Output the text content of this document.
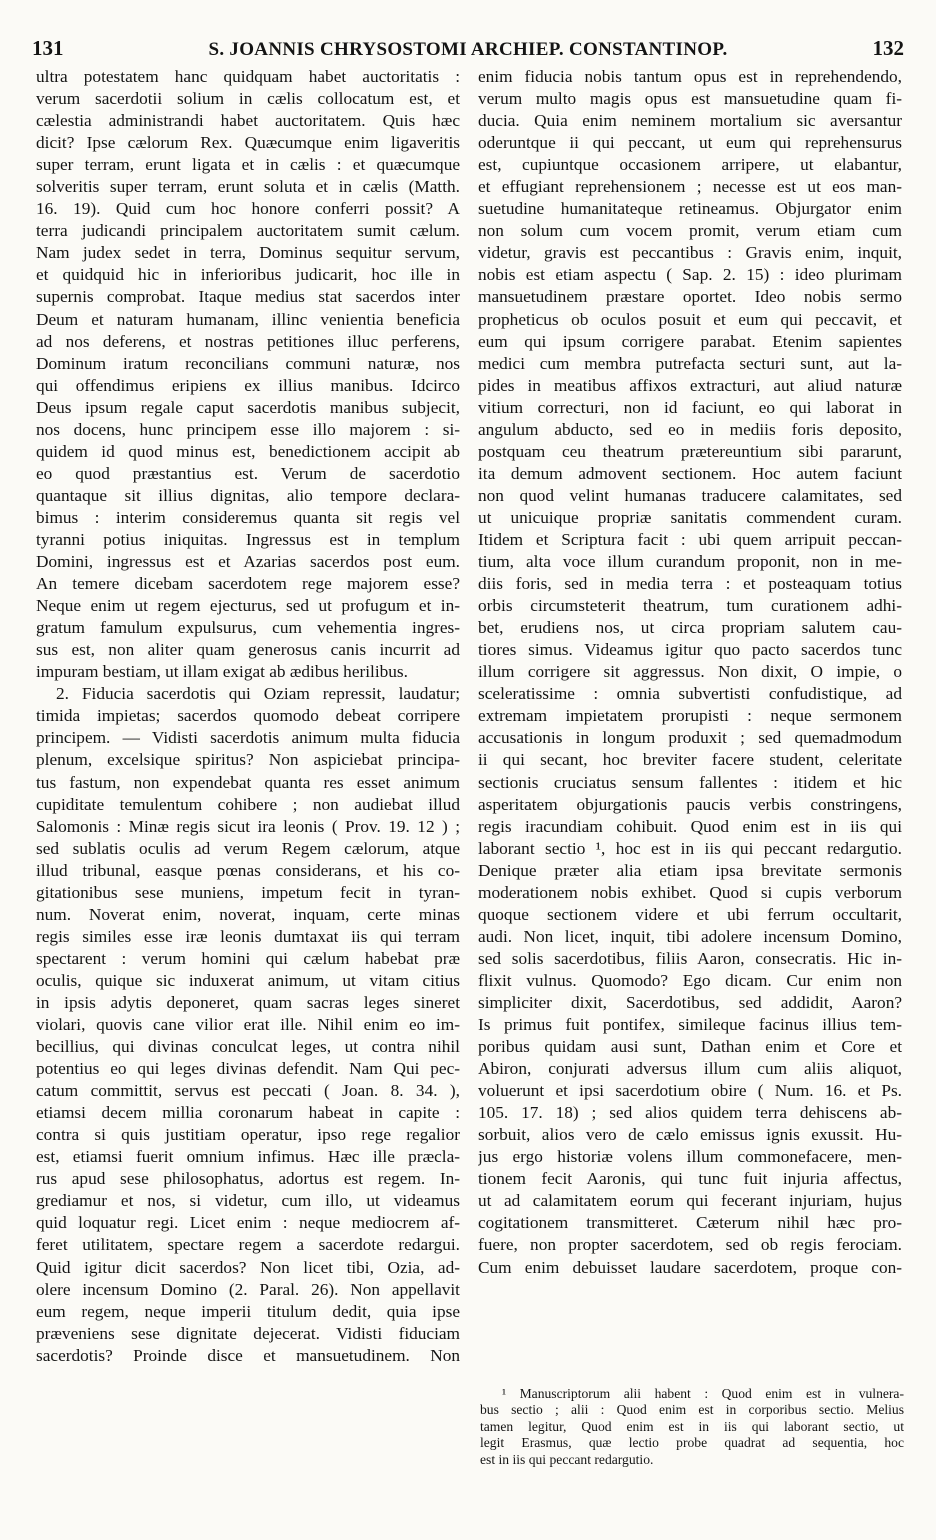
131	S. JOANNIS CHRYSOSTOMI ARCHIEP. CONSTANTINOP.	132
ultra potestatem hanc quidquam habet auctoritatis :
verum sacerdotii solium in cælis collocatum est, et
cælestia administrandi habet auctoritatem. Quis hæc
dicit? Ipse cælorum Rex. Quæcumque enim ligaveritis
super terram, erunt ligata et in cælis : et quæcumque
solveritis super terram, erunt soluta et in cælis (Matth.
16. 19). Quid cum hoc honore conferri possit? A
terra judicandi principalem auctoritatem sumit cælum.
Nam judex sedet in terra, Dominus sequitur servum,
et quidquid hic in inferioribus judicarit, hoc ille in
supernis comprobat. Itaque medius stat sacerdos inter
Deum et naturam humanam, illinc venientia beneficia
ad nos deferens, et nostras petitiones illuc perferens,
Dominum iratum reconcilians communi naturæ, nos
qui offendimus eripiens ex illius manibus. Idcirco
Deus ipsum regale caput sacerdotis manibus subjecit,
nos docens, hunc principem esse illo majorem : si-
quidem id quod minus est, benedictionem accipit ab
eo quod præstantius est. Verum de sacerdotio
quantaque sit illius dignitas, alio tempore declara-
bimus : interim consideremus quanta sit regis vel
tyranni potius iniquitas. Ingressus est in templum
Domini, ingressus est et Azarias sacerdos post eum.
An temere dicebam sacerdotem rege majorem esse?
Neque enim ut regem ejecturus, sed ut profugum et in-
gratum famulum expulsurus, cum vehementia ingres-
sus est, non aliter quam generosus canis incurrit ad
impuram bestiam, ut illam exigat ab ædibus herilibus.
2. Fiducia sacerdotis qui Oziam repressit, laudatur;
timida impietas; sacerdos quomodo debeat corripere
principem. — Vidisti sacerdotis animum multa fiducia
plenum, excelsique spiritus? Non aspiciebat principa-
tus fastum, non expendebat quanta res esset animum
cupiditate temulentum cohibere ; non audiebat illud
Salomonis : Minæ regis sicut ira leonis ( Prov. 19. 12 ) ;
sed sublatis oculis ad verum Regem cælorum, atque
illud tribunal, easque pœnas considerans, et his co-
gitationibus sese muniens, impetum fecit in tyran-
num. Noverat enim, noverat, inquam, certe minas
regis similes esse iræ leonis dumtaxat iis qui terram
spectarent : verum homini qui cælum habebat præ
oculis, quique sic induxerat animum, ut vitam citius
in ipsis adytis deponeret, quam sacras leges sineret
violari, quovis cane vilior erat ille. Nihil enim eo im-
becillius, qui divinas conculcat leges, ut contra nihil
potentius eo qui leges divinas defendit. Nam Qui pec-
catum committit, servus est peccati ( Joan. 8. 34. ),
etiamsi decem millia coronarum habeat in capite :
contra si quis justitiam operatur, ipso rege regalior
est, etiamsi fuerit omnium infimus. Hæc ille præcla-
rus apud sese philosophatus, adortus est regem. In-
grediamur et nos, si videtur, cum illo, ut videamus
quid loquatur regi. Licet enim : neque mediocrem af-
feret utilitatem, spectare regem a sacerdote redargui.
Quid igitur dicit sacerdos? Non licet tibi, Ozia, ad-
olere incensum Domino (2. Paral. 26). Non appellavit
eum regem, neque imperii titulum dedit, quia ipse
præveniens sese dignitate dejecerat. Vidisti fiduciam
sacerdotis? Proinde disce et mansuetudinem. Non
enim fiducia nobis tantum opus est in reprehendendo,
verum multo magis opus est mansuetudine quam fi-
ducia. Quia enim neminem mortalium sic aversantur
oderuntque ii qui peccant, ut eum qui reprehensurus
est, cupiuntque occasionem arripere, ut elabantur,
et effugiant reprehensionem ; necesse est ut eos man-
suetudine humanitateque retineamus. Objurgator enim
non solum cum vocem promit, verum etiam cum
videtur, gravis est peccantibus : Gravis enim, inquit,
nobis est etiam aspectu ( Sap. 2. 15) : ideo plurimam
mansuetudinem præstare oportet. Ideo nobis sermo
propheticus ob oculos posuit et eum qui peccavit, et
eum qui ipsum corrigere parabat. Etenim sapientes
medici cum membra putrefacta secturi sunt, aut la-
pides in meatibus affixos extracturi, aut aliud naturæ
vitium correcturi, non id faciunt, eo qui laborat in
angulum abducto, sed eo in mediis foris deposito,
postquam ceu theatrum prætereuntium sibi pararunt,
ita demum admovent sectionem. Hoc autem faciunt
non quod velint humanas traducere calamitates, sed
ut unicuique propriæ sanitatis commendent curam.
Itidem et Scriptura facit : ubi quem arripuit peccan-
tium, alta voce illum curandum proponit, non in me-
diis foris, sed in media terra : et posteaquam totius
orbis circumsteterit theatrum, tum curationem adhi-
bet, erudiens nos, ut circa propriam salutem cau-
tiores simus. Videamus igitur quo pacto sacerdos tunc
illum corrigere sit aggressus. Non dixit, O impie, o
sceleratissime : omnia subvertisti confudistique, ad
extremam impietatem prorupisti : neque sermonem
accusationis in longum produxit ; sed quemadmodum
ii qui secant, hoc breviter facere student, celeritate
sectionis cruciatus sensum fallentes : itidem et hic
asperitatem objurgationis paucis verbis constringens,
regis iracundiam cohibuit. Quod enim est in iis qui
laborant sectio ¹, hoc est in iis qui peccant redargutio.
Denique præter alia etiam ipsa brevitate sermonis
moderationem nobis exhibet. Quod si cupis verborum
quoque sectionem videre et ubi ferrum occultarit,
audi. Non licet, inquit, tibi adolere incensum Domino,
sed solis sacerdotibus, filiis Aaron, consecratis. Hic in-
flixit vulnus. Quomodo? Ego dicam. Cur enim non
simpliciter dixit, Sacerdotibus, sed addidit, Aaron?
Is primus fuit pontifex, simileque facinus illius tem-
poribus quidam ausi sunt, Dathan enim et Core et
Abiron, conjurati adversus illum cum aliis aliquot,
voluerunt et ipsi sacerdotium obire ( Num. 16. et Ps.
105. 17. 18) ; sed alios quidem terra dehiscens ab-
sorbuit, alios vero de cælo emissus ignis exussit. Hu-
jus ergo historiæ volens illum commonefacere, men-
tionem fecit Aaronis, qui tunc fuit injuria affectus,
ut ad calamitatem eorum qui fecerant injuriam, hujus
cogitationem transmitteret. Cæterum nihil hæc pro-
fuere, non propter sacerdotem, sed ob regis ferociam.
Cum enim debuisset laudare sacerdotem, proque con-
¹ Manuscriptorum alii habent : Quod enim est in vulnera-
bus sectio ; alii : Quod enim est in corporibus sectio. Melius
tamen legitur, Quod enim est in iis qui laborant sectio, ut
legit Erasmus, quæ lectio probe quadrat ad sequentia, hoc
est in iis qui peccant redargutio.
